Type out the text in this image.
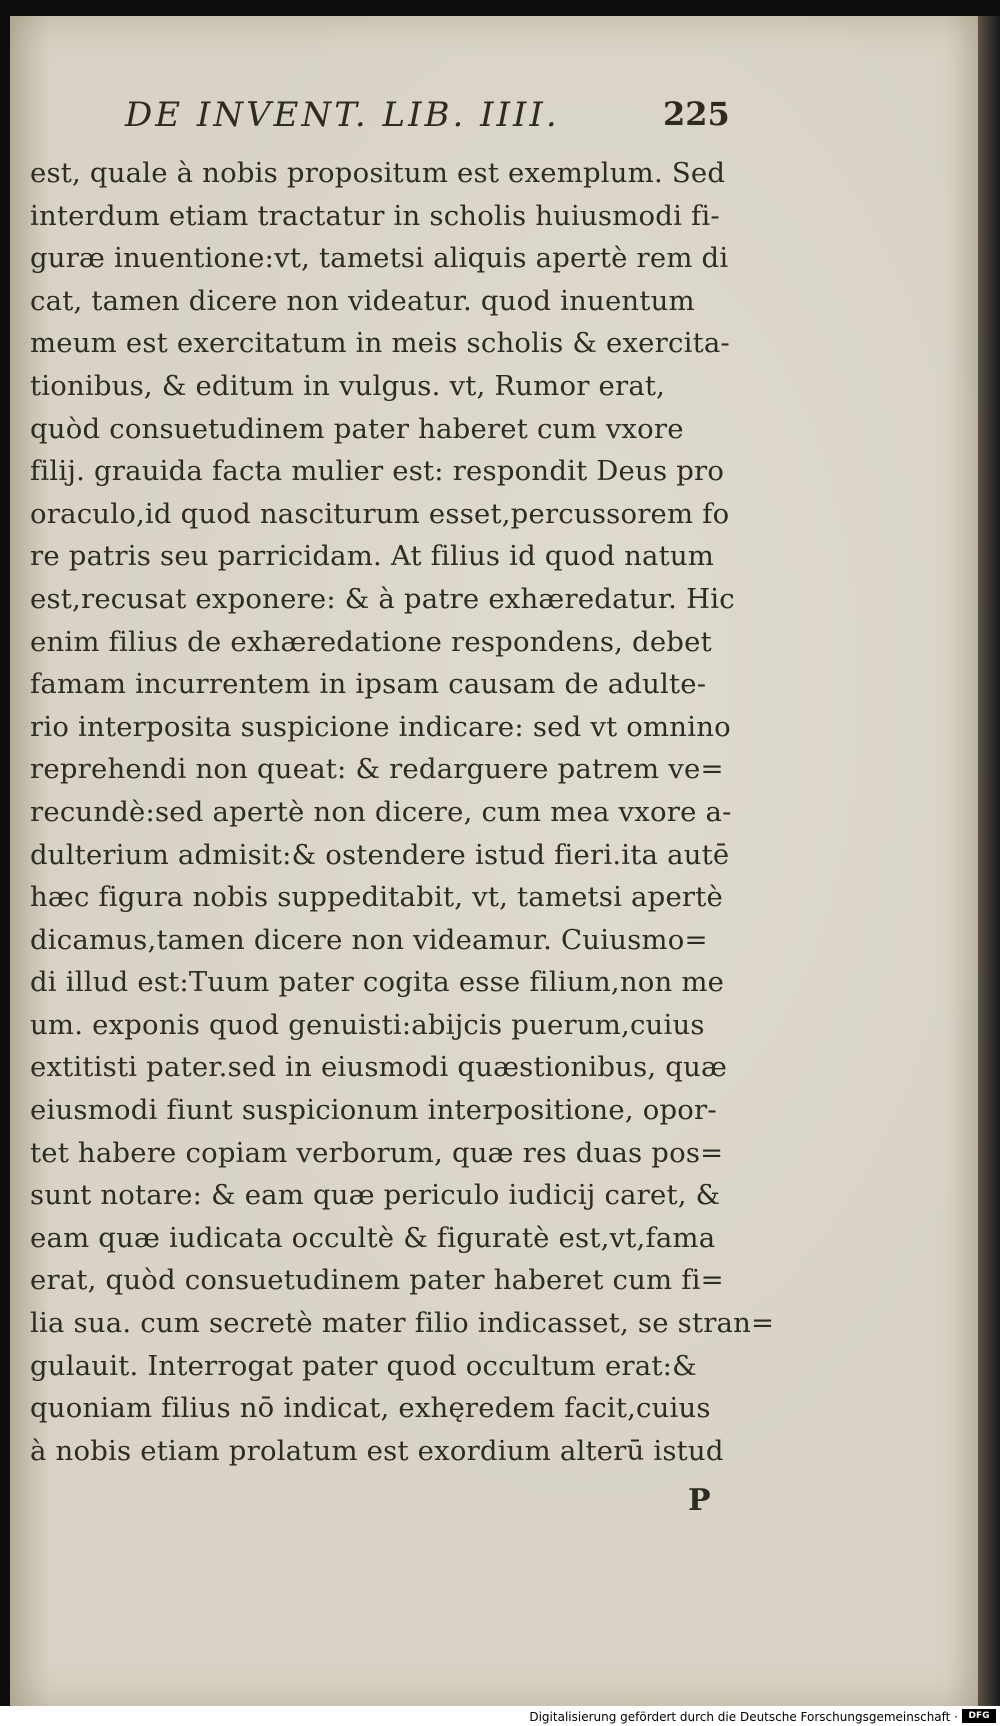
DE INVENT. LIB. IIII.	225
est, quale à nobis propositum est exemplum. Sed
interdum etiam tractatur in scholis huiusmodi fi-
guræ inuentione:vt, tametsi aliquis apertè rem di
cat, tamen dicere non videatur. quod inuentum
meum est exercitatum in meis scholis & exercita-
tionibus, & editum in vulgus. vt, Rumor erat,
quòd consuetudinem pater haberet cum vxore
filij. grauida facta mulier est: respondit Deus pro
oraculo,id quod nasciturum esset,percussorem fo
re patris seu parricidam. At filius id quod natum
est,recusat exponere: & à patre exhæredatur. Hic
enim filius de exhæredatione respondens, debet
famam incurrentem in ipsam causam de adulte-
rio interposita suspicione indicare: sed vt omnino
reprehendi non queat: & redarguere patrem ve=
recundè:sed apertè non dicere, cum mea vxore a-
dulterium admisit:& ostendere istud fieri.ita autē
hæc figura nobis suppeditabit, vt, tametsi apertè
dicamus,tamen dicere non videamur. Cuiusmo=
di illud est:Tuum pater cogita esse filium,non me
um. exponis quod genuisti:abijcis puerum,cuius
extitisti pater.sed in eiusmodi quæstionibus, quæ
eiusmodi fiunt suspicionum interpositione, opor-
tet habere copiam verborum, quæ res duas pos=
sunt notare: & eam quæ periculo iudicij caret, &
eam quæ iudicata occultè & figuratè est,vt,fama
erat, quòd consuetudinem pater haberet cum fi=
lia sua. cum secretè mater filio indicasset, se stran=
gulauit. Interrogat pater quod occultum erat:&
quoniam filius nō indicat, exhęredem facit,cuius
à nobis etiam prolatum est exordium alterū istud
P
Digitalisierung gefördert durch die Deutsche Forschungsgemeinschaft ·	DFG
